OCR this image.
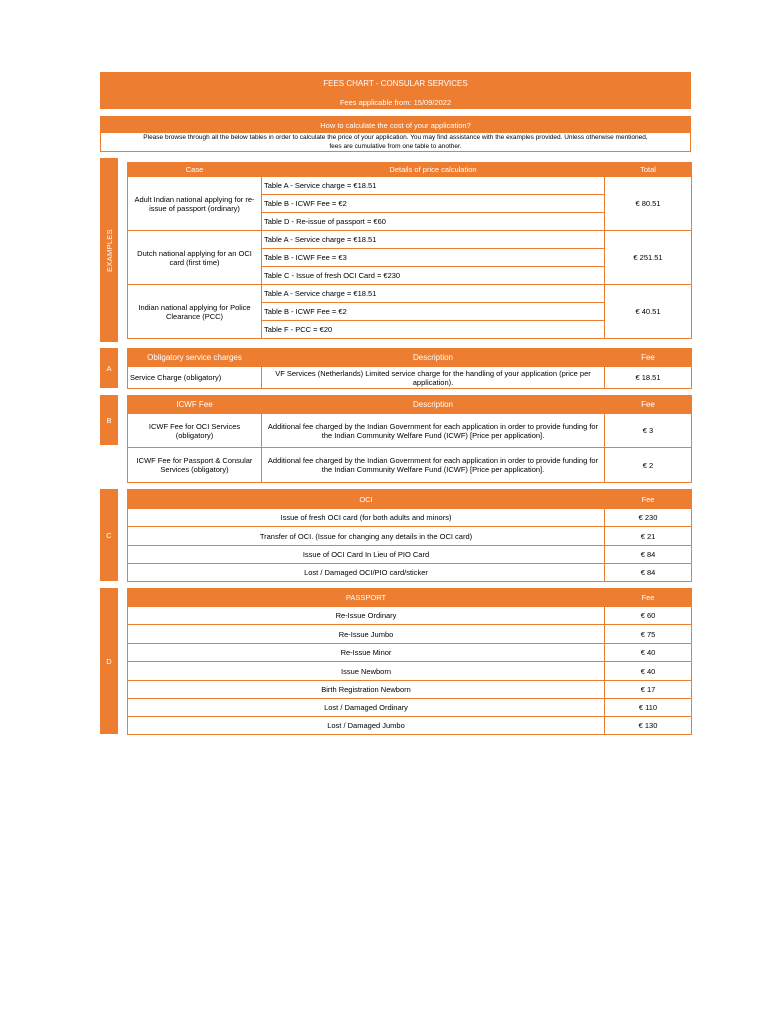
FEES CHART - CONSULAR SERVICES
Fees applicable from: 15/09/2022
How to calculate the cost of your application?
Please browse through all the below tables in order to calculate the price of your application. You may find assistance with the examples provided. Unless otherwise mentioned,
fees are cumulative from one table to another.
EXAMPLES
Case	Details of price calculation	Total
Adult Indian national applying for re-issue of passport (ordinary)	Table A - Service charge = €18.51	€ 80.51
	Table B - ICWF Fee = €2	
	Table D - Re-issue of passport = €60	
Dutch national applying for an OCI card (first time)	Table A - Service charge = €18.51	€ 251.51
	Table B - ICWF Fee = €3	
	Table C - Issue of fresh OCI Card = €230	
Indian national applying for Police Clearance (PCC)	Table A - Service charge = €18.51	€ 40.51
	Table B - ICWF Fee = €2	
	Table F - PCC = €20	
A
Obligatory service charges	Description	Fee
Service Charge (obligatory)	VF Services (Netherlands) Limited service charge for the handling of your application (price per application).	€ 18.51
B
ICWF Fee	Description	Fee
ICWF Fee for OCI Services (obligatory)	Additional fee charged by the Indian Government for each application in order to provide funding for the Indian Community Welfare Fund (ICWF) [Price per application].	€ 3
ICWF Fee for Passport & Consular Services (obligatory)	Additional fee charged by the Indian Government for each application in order to provide funding for the Indian Community Welfare Fund (ICWF) [Price per application].	€ 2
C
OCI	Fee
Issue of fresh OCI card (for both adults and minors)	€ 230
Transfer of OCI. (Issue for changing any details in the OCI card)	€ 21
Issue of OCI Card In Lieu of PIO Card	€ 84
Lost / Damaged OCI/PIO card/sticker	€ 84
D
PASSPORT	Fee
Re-Issue Ordinary	€ 60
Re-Issue Jumbo	€ 75
Re-Issue Minor	€ 40
Issue Newborn	€ 40
Birth Registration Newborn	€ 17
Lost / Damaged Ordinary	€ 110
Lost / Damaged Jumbo	€ 130
